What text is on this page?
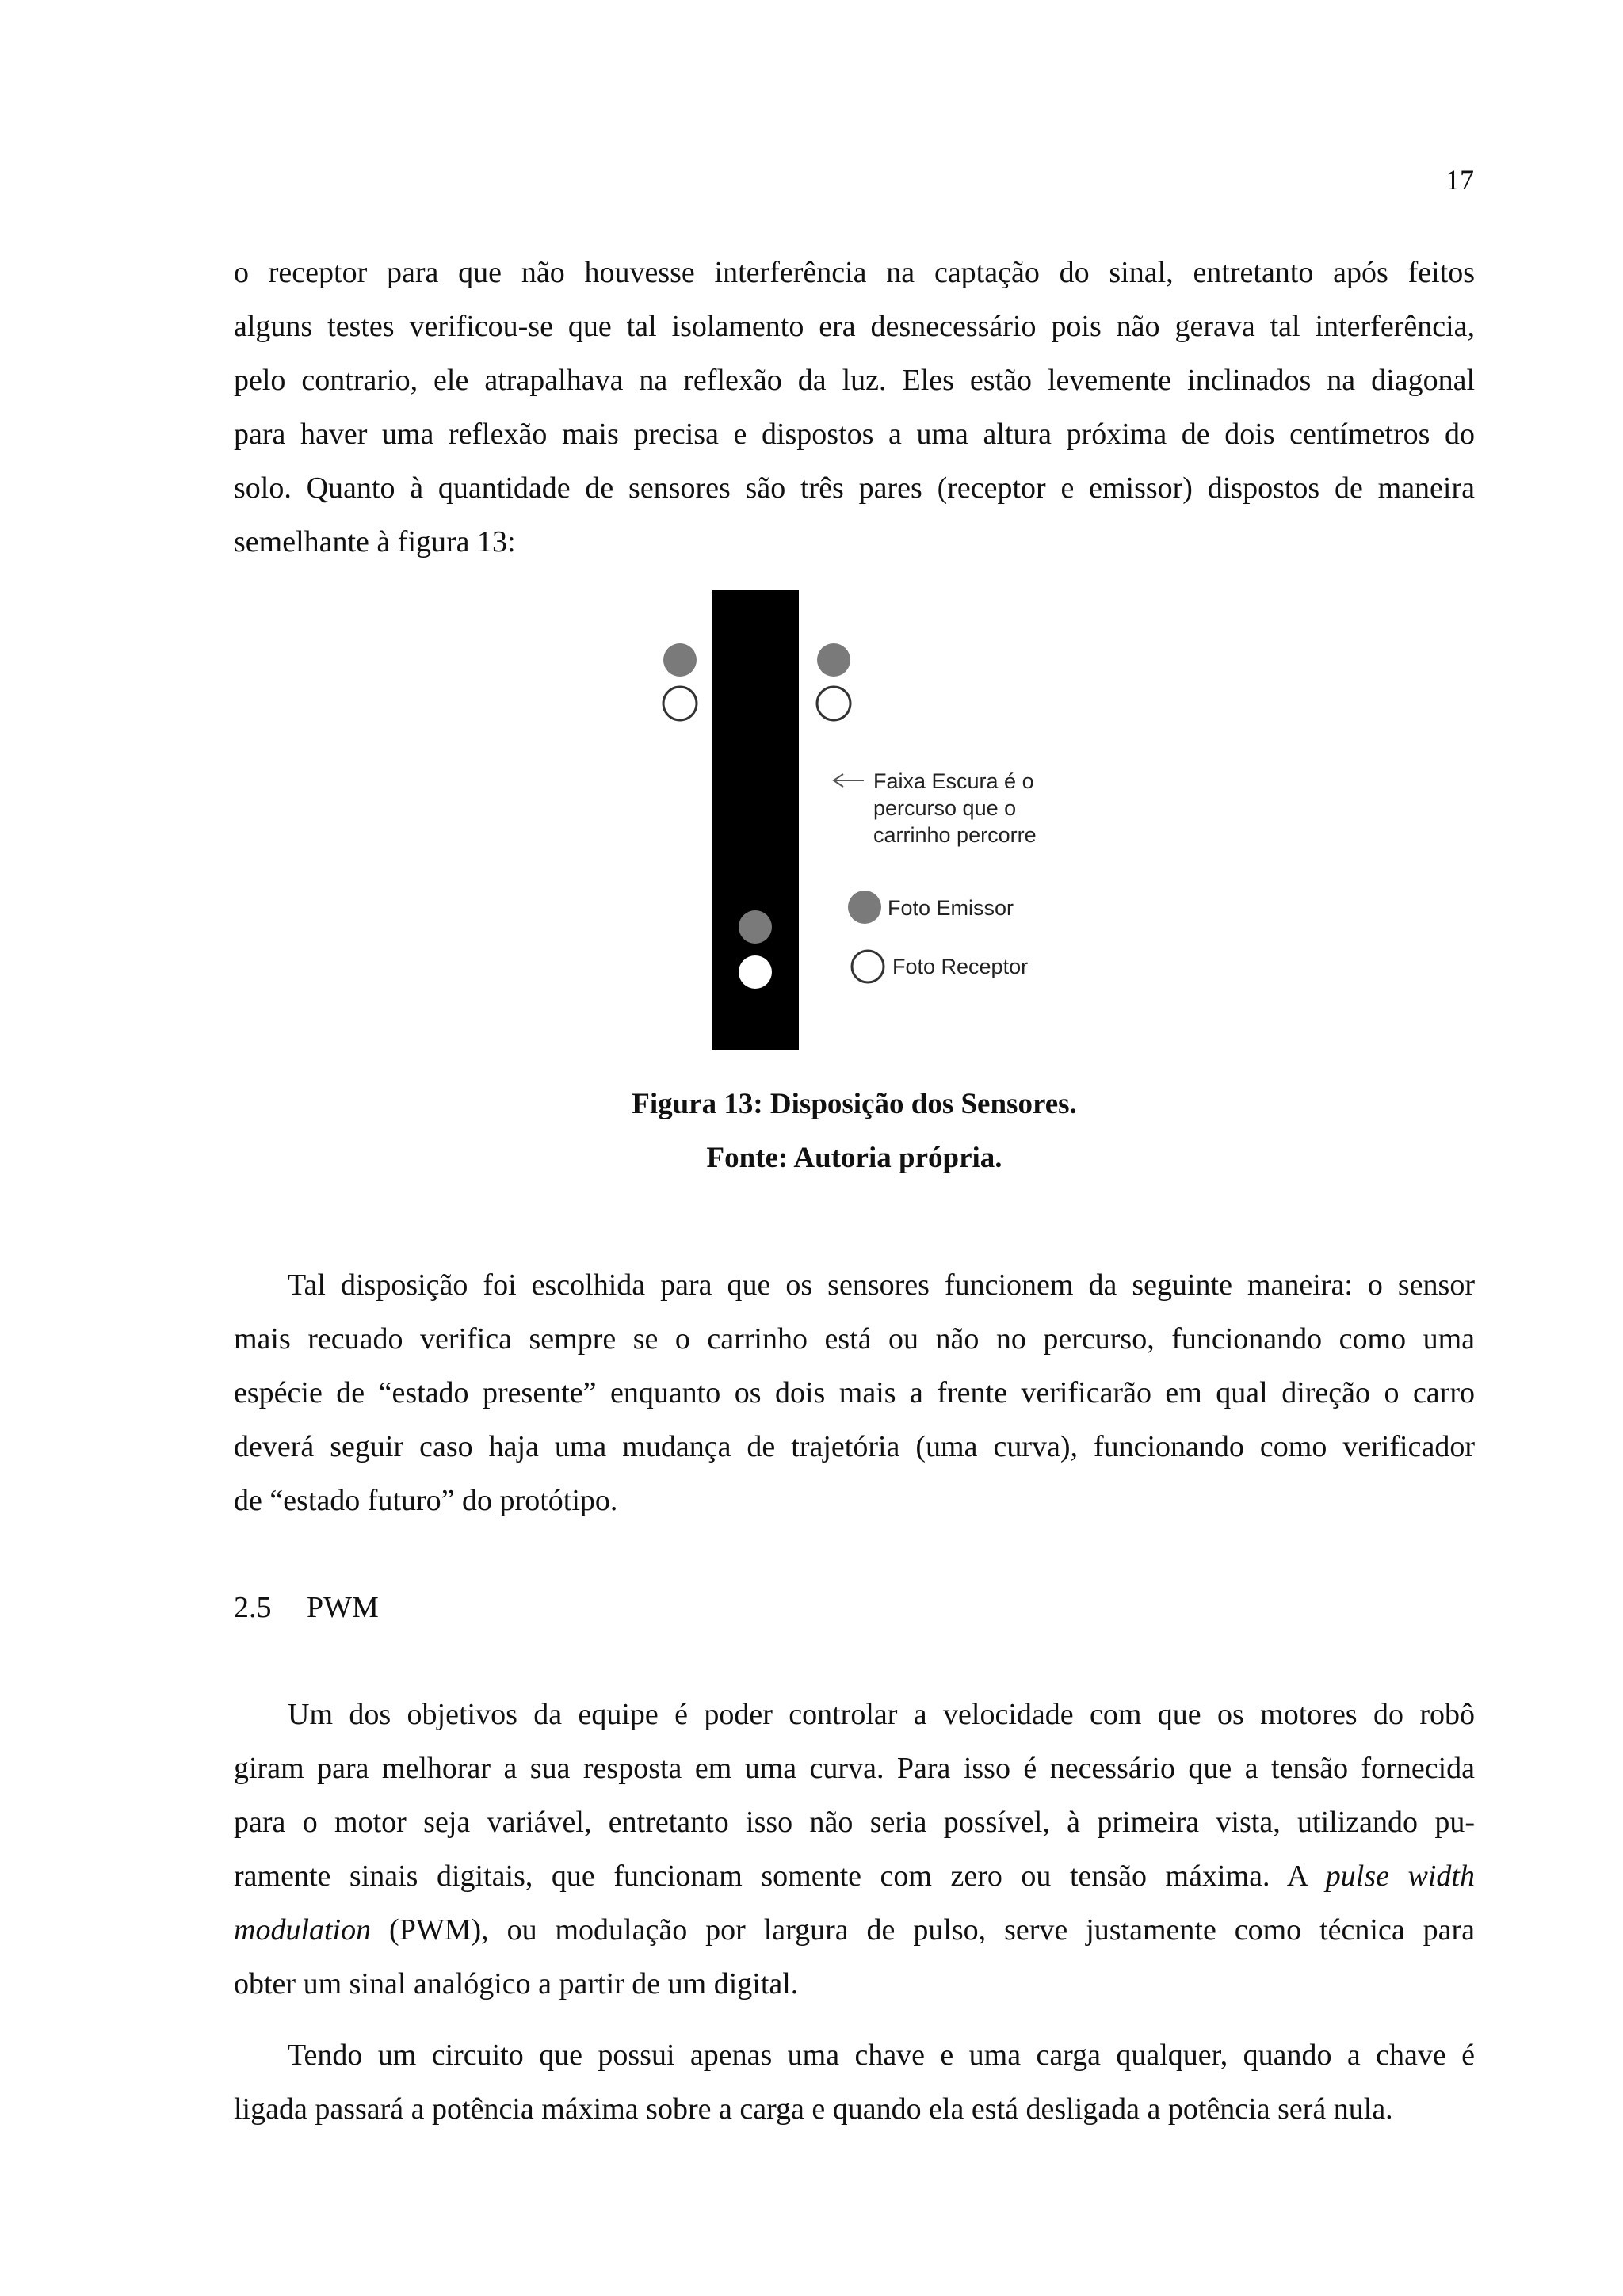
17

o receptor para que não houvesse interferência na captação do sinal, entretanto após feitos
alguns testes verificou-se que tal isolamento era desnecessário pois não gerava tal interferência,
pelo contrario, ele atrapalhava na reflexão da luz. Eles estão levemente inclinados na diagonal
para haver uma reflexão mais precisa e dispostos a uma altura próxima de dois centímetros do
solo. Quanto à quantidade de sensores são três pares (receptor e emissor) dispostos de maneira
semelhante à figura 13:

Faixa Escura é o
percurso que o
carrinho percorre
Foto Emissor
Foto Receptor

Figura 13: Disposição dos Sensores.

Fonte: Autoria própria.

Tal disposição foi escolhida para que os sensores funcionem da seguinte maneira: o sensor
mais recuado verifica sempre se o carrinho está ou não no percurso, funcionando como uma
espécie de “estado presente” enquanto os dois mais a frente verificarão em qual direção o carro
deverá seguir caso haja uma mudança de trajetória (uma curva), funcionando como verificador
de “estado futuro” do protótipo.

2.5 PWM

Um dos objetivos da equipe é poder controlar a velocidade com que os motores do robô
giram para melhorar a sua resposta em uma curva. Para isso é necessário que a tensão fornecida
para o motor seja variável, entretanto isso não seria possível, à primeira vista, utilizando pu-
ramente sinais digitais, que funcionam somente com zero ou tensão máxima. A pulse width
modulation (PWM), ou modulação por largura de pulso, serve justamente como técnica para
obter um sinal analógico a partir de um digital.

Tendo um circuito que possui apenas uma chave e uma carga qualquer, quando a chave é
ligada passará a potência máxima sobre a carga e quando ela está desligada a potência será nula.
